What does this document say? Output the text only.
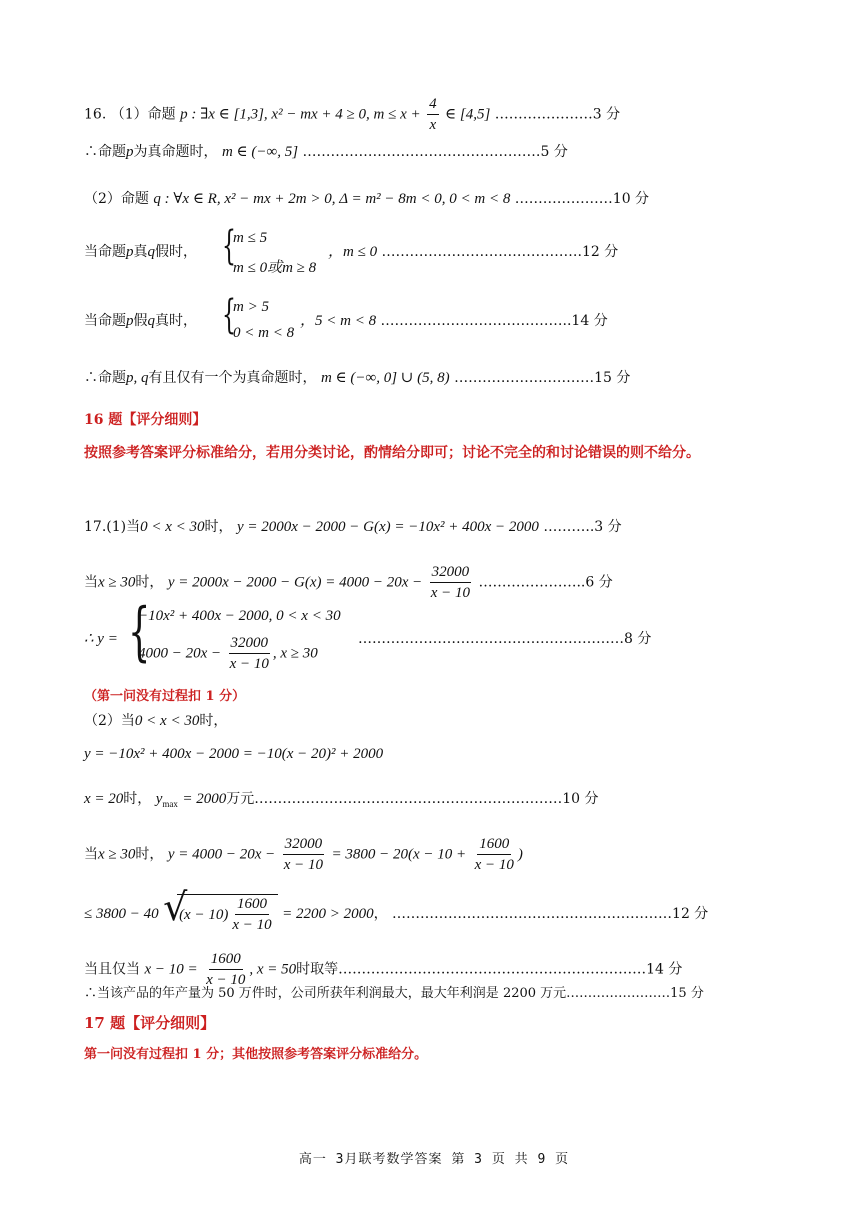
16. （1）命题 p : ∃x ∈ [1,3], x² − mx + 4 ≥ 0, $m \le x + \frac{4}{x}$ ∈ [4,5] …………………3 分
∴命题p为真命题时， m ∈ (−∞, 5] ……………………………………………5 分
（2）命题 q : ∀x ∈ R, x² − mx + 2m > 0, Δ = m² − 8m < 0, 0 < m < 8 …………………10 分
当命题p真q假时， {
m ≤ 5
m ≤ 0或m ≥ 8
，m ≤ 0 …………………………………….12 分
当命题p假q真时， {
m > 5
0 < m < 8
，5 < m < 8 …………………………………..14 分
∴命题p, q有且仅有一个为真命题时， m ∈ (−∞, 0] ∪ (5, 8) …………………………15 分
16 题【评分细则】
按照参考答案评分标准给分，若用分类讨论，酌情给分即可；讨论不完全的和讨论错误的则不给分。
17.(1)当0 < x < 30时， y = 2000x − 2000 − G(x) = −10x² + 400x − 2000 ………..3 分
当x ≥ 30时， $y = 2000x - 2000 - G(x) = 4000 - 20x - \frac{32000}{x - 10}$ …………………..6 分
∴ y = {
−10x² + 400x − 2000, 0 < x < 30
$4000 - 20x - \frac{32000}{x - 10}$ , x ≥ 30
…………………………………………………8 分
（第一问没有过程扣 1 分）
（2）当0 < x < 30时，
y = −10x² + 400x − 2000 = −10(x − 20)² + 2000
x = 20时， $y_{max} = 2000$万元…………………………………………………………10 分
当x ≥ 30时， $y = 4000 - 20x - \frac{32000}{x - 10} = 3800 - 20(x - 10 + \frac{1600}{x - 10}$ )
≤ 3800 − 40 √
$(x - 10) \frac{1600}{x - 10} = 2200 > 2000$， ……………………………………………………12 分
当且仅当 $x - 10 = \frac{1600}{x - 10}$ , x = 50时取等…………………………………………………………14 分
∴当该产品的年产量为 50 万件时，公司所获年利润最大，最大年利润是 2200 万元……………………15 分
17 题【评分细则】
第一问没有过程扣 1 分；其他按照参考答案评分标准给分。
高一 3月联考数学答案 第 3 页 共 9 页
